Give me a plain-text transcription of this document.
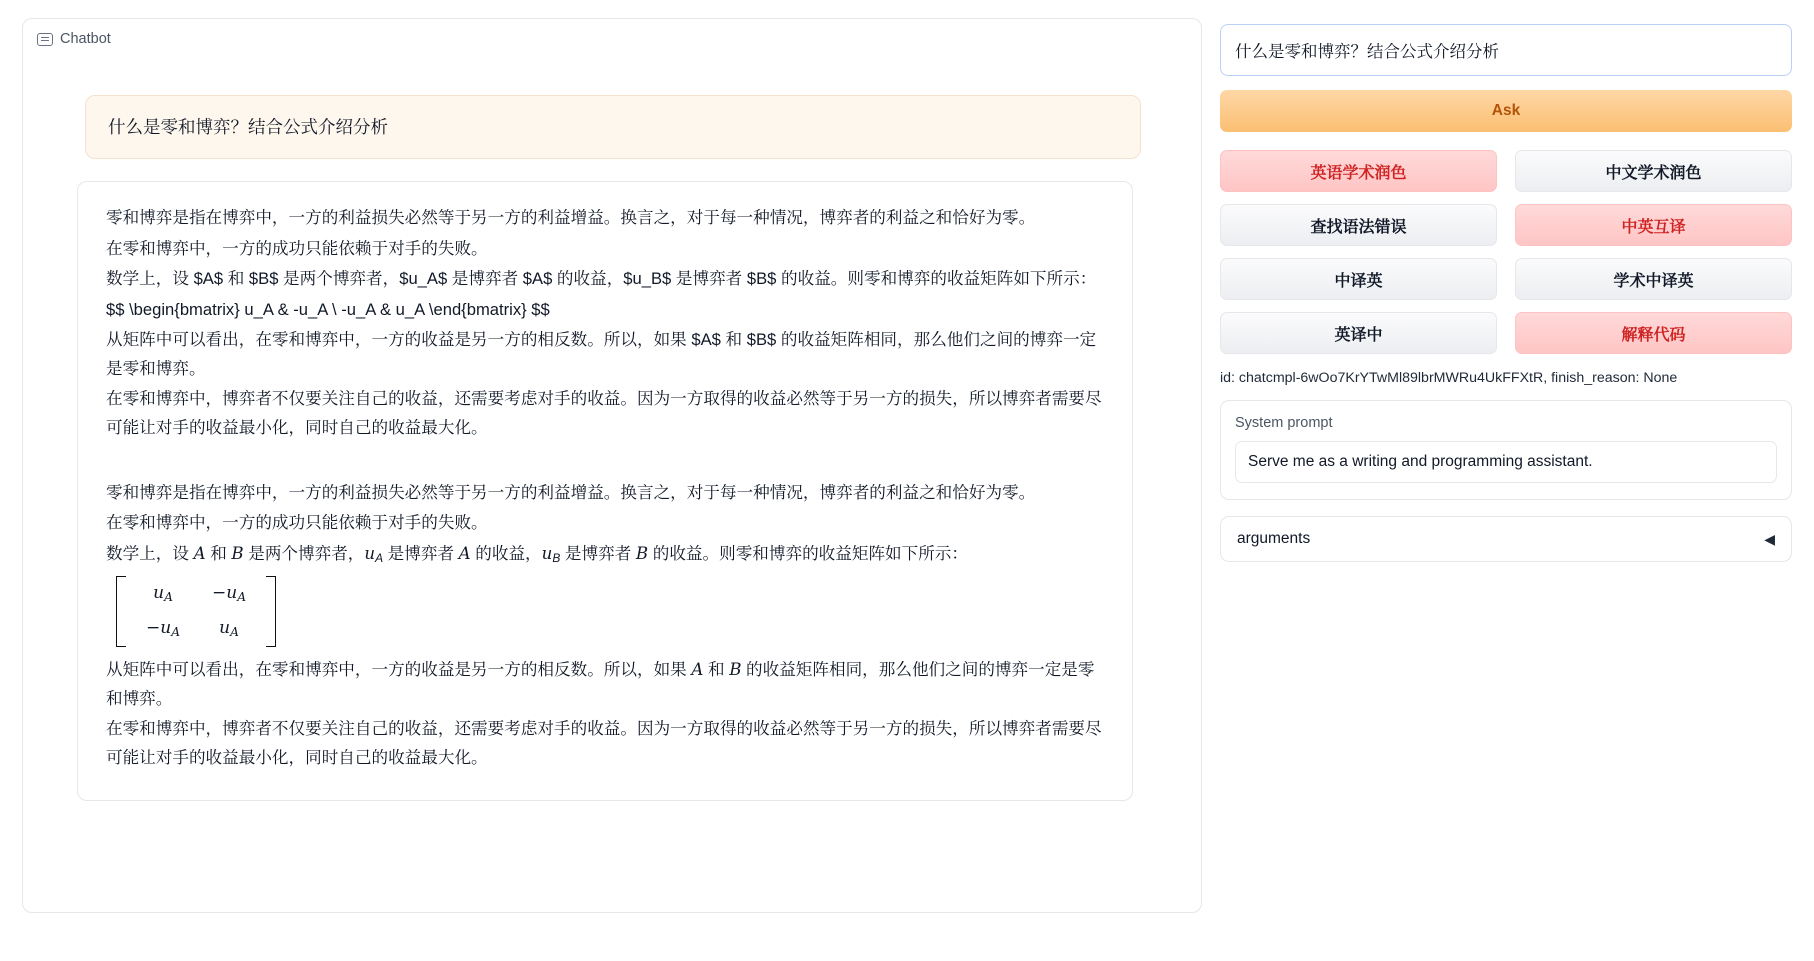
Chatbot
什么是零和博弈？结合公式介绍分析

零和博弈是指在博弈中，一方的利益损失必然等于另一方的利益增益。换言之，对于每一种情况，博弈者的利益之和恰好为零。

在零和博弈中，一方的成功只能依赖于对手的失败。

数学上，设 $A$ 和 $B$ 是两个博弈者，$u_A$ 是博弈者 $A$ 的收益，$u_B$ 是博弈者 $B$ 的收益。则零和博弈的收益矩阵如下所示：

$$ \begin{bmatrix} u_A & -u_A \ -u_A & u_A \end{bmatrix} $$

从矩阵中可以看出，在零和博弈中，一方的收益是另一方的相反数。所以，如果 $A$ 和 $B$ 的收益矩阵相同，那么他们之间的博弈一定是零和博弈。

在零和博弈中，博弈者不仅要关注自己的收益，还需要考虑对手的收益。因为一方取得的收益必然等于另一方的损失，所以博弈者需要尽可能让对手的收益最小化，同时自己的收益最大化。

零和博弈是指在博弈中，一方的利益损失必然等于另一方的利益增益。换言之，对于每一种情况，博弈者的利益之和恰好为零。

在零和博弈中，一方的成功只能依赖于对手的失败。

数学上，设 A 和 B 是两个博弈者，uA 是博弈者 A 的收益，uB 是博弈者 B 的收益。则零和博弈的收益矩阵如下所示：

uA	−uA
−uA	uA

从矩阵中可以看出，在零和博弈中，一方的收益是另一方的相反数。所以，如果 A 和 B 的收益矩阵相同，那么他们之间的博弈一定是零和博弈。

在零和博弈中，博弈者不仅要关注自己的收益，还需要考虑对手的收益。因为一方取得的收益必然等于另一方的损失，所以博弈者需要尽可能让对手的收益最小化，同时自己的收益最大化。

什么是零和博弈？结合公式介绍分析
Ask
英语学术润色	中文学术润色
查找语法错误	中英互译
中译英	学术中译英
英译中	解释代码
id: chatcmpl-6wOo7KrYTwMl89lbrMWRu4UkFFXtR, finish_reason: None
System prompt
Serve me as a writing and programming assistant.
arguments	◀
